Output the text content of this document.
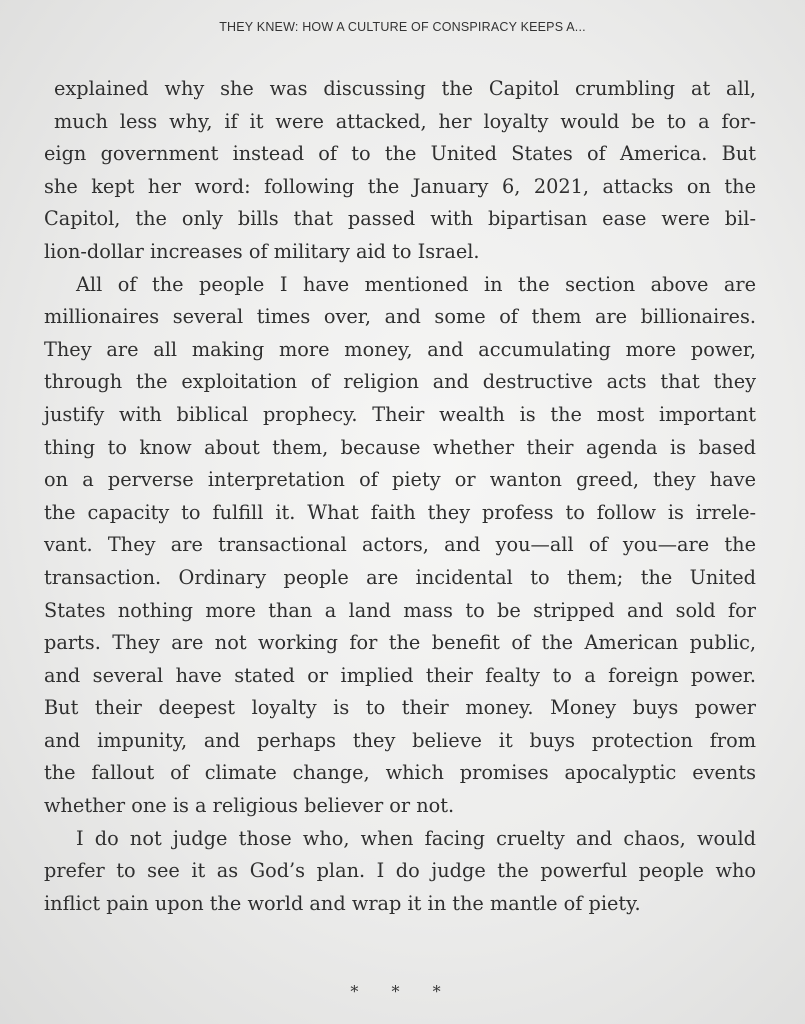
THEY KNEW: HOW A CULTURE OF CONSPIRACY KEEPS A...
explained why she was discussing the Capitol crumbling at all,
much less why, if it were attacked, her loyalty would be to a for-
eign government instead of to the United States of America. But
she kept her word: following the January 6, 2021, attacks on the
Capitol, the only bills that passed with bipartisan ease were bil-
lion-dollar increases of military aid to Israel.
All of the people I have mentioned in the section above are
millionaires several times over, and some of them are billionaires.
They are all making more money, and accumulating more power,
through the exploitation of religion and destructive acts that they
justify with biblical prophecy. Their wealth is the most important
thing to know about them, because whether their agenda is based
on a perverse interpretation of piety or wanton greed, they have
the capacity to fulfill it. What faith they profess to follow is irrele-
vant. They are transactional actors, and you—all of you—are the
transaction. Ordinary people are incidental to them; the United
States nothing more than a land mass to be stripped and sold for
parts. They are not working for the benefit of the American public,
and several have stated or implied their fealty to a foreign power.
But their deepest loyalty is to their money. Money buys power
and impunity, and perhaps they believe it buys protection from
the fallout of climate change, which promises apocalyptic events
whether one is a religious believer or not.
I do not judge those who, when facing cruelty and chaos, would
prefer to see it as God’s plan. I do judge the powerful people who
inflict pain upon the world and wrap it in the mantle of piety.
* * *
